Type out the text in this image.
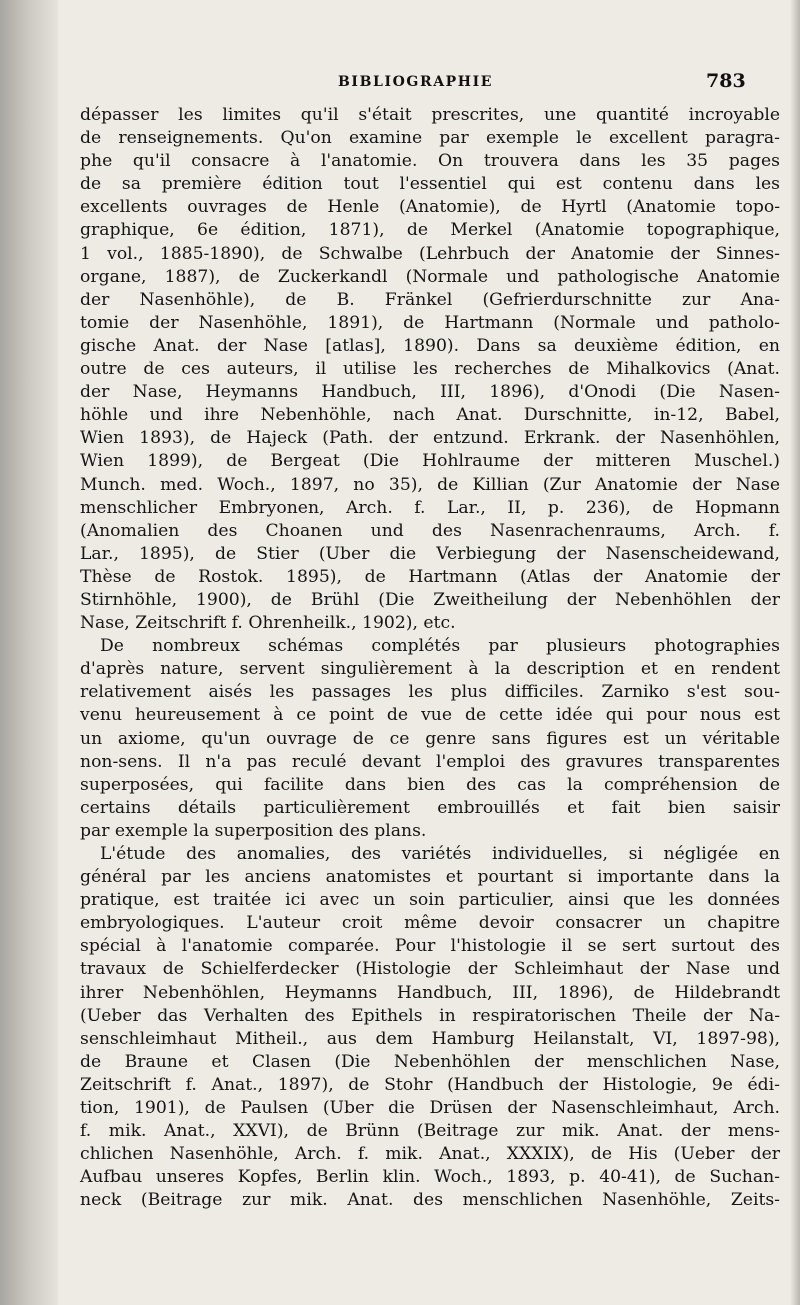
BIBLIOGRAPHIE	783
dépasser les limites qu'il s'était prescrites, une quantité incroyable
de renseignements. Qu'on examine par exemple le excellent paragra-
phe qu'il consacre à l'anatomie. On trouvera dans les 35 pages
de sa première édition tout l'essentiel qui est contenu dans les
excellents ouvrages de Henle (Anatomie), de Hyrtl (Anatomie topo-
graphique, 6e édition, 1871), de Merkel (Anatomie topographique,
1 vol., 1885-1890), de Schwalbe (Lehrbuch der Anatomie der Sinnes-
organe, 1887), de Zuckerkandl (Normale und pathologische Anatomie
der Nasenhöhle), de B. Fränkel (Gefrierdurschnitte zur Ana-
tomie der Nasenhöhle, 1891), de Hartmann (Normale und patholo-
gische Anat. der Nase [atlas], 1890). Dans sa deuxième édition, en
outre de ces auteurs, il utilise les recherches de Mihalkovics (Anat.
der Nase, Heymanns Handbuch, III, 1896), d'Onodi (Die Nasen-
höhle und ihre Nebenhöhle, nach Anat. Durschnitte, in-12, Babel,
Wien 1893), de Hajeck (Path. der entzund. Erkrank. der Nasenhöhlen,
Wien 1899), de Bergeat (Die Hohlraume der mitteren Muschel.)
Munch. med. Woch., 1897, no 35), de Killian (Zur Anatomie der Nase
menschlicher Embryonen, Arch. f. Lar., II, p. 236), de Hopmann
(Anomalien des Choanen und des Nasenrachenraums, Arch. f.
Lar., 1895), de Stier (Uber die Verbiegung der Nasenscheidewand,
Thèse de Rostok. 1895), de Hartmann (Atlas der Anatomie der
Stirnhöhle, 1900), de Brühl (Die Zweitheilung der Nebenhöhlen der
Nase, Zeitschrift f. Ohrenheilk., 1902), etc.
De nombreux schémas complétés par plusieurs photographies
d'après nature, servent singulièrement à la description et en rendent
relativement aisés les passages les plus difficiles. Zarniko s'est sou-
venu heureusement à ce point de vue de cette idée qui pour nous est
un axiome, qu'un ouvrage de ce genre sans figures est un véritable
non-sens. Il n'a pas reculé devant l'emploi des gravures transparentes
superposées, qui facilite dans bien des cas la compréhension de
certains détails particulièrement embrouillés et fait bien saisir
par exemple la superposition des plans.
L'étude des anomalies, des variétés individuelles, si négligée en
général par les anciens anatomistes et pourtant si importante dans la
pratique, est traitée ici avec un soin particulier, ainsi que les données
embryologiques. L'auteur croit même devoir consacrer un chapitre
spécial à l'anatomie comparée. Pour l'histologie il se sert surtout des
travaux de Schielferdecker (Histologie der Schleimhaut der Nase und
ihrer Nebenhöhlen, Heymanns Handbuch, III, 1896), de Hildebrandt
(Ueber das Verhalten des Epithels in respiratorischen Theile der Na-
senschleimhaut Mitheil., aus dem Hamburg Heilanstalt, VI, 1897-98),
de Braune et Clasen (Die Nebenhöhlen der menschlichen Nase,
Zeitschrift f. Anat., 1897), de Stohr (Handbuch der Histologie, 9e édi-
tion, 1901), de Paulsen (Uber die Drüsen der Nasenschleimhaut, Arch.
f. mik. Anat., XXVI), de Brünn (Beitrage zur mik. Anat. der mens-
chlichen Nasenhöhle, Arch. f. mik. Anat., XXXIX), de His (Ueber der
Aufbau unseres Kopfes, Berlin klin. Woch., 1893, p. 40-41), de Suchan-
neck (Beitrage zur mik. Anat. des menschlichen Nasenhöhle, Zeits-
